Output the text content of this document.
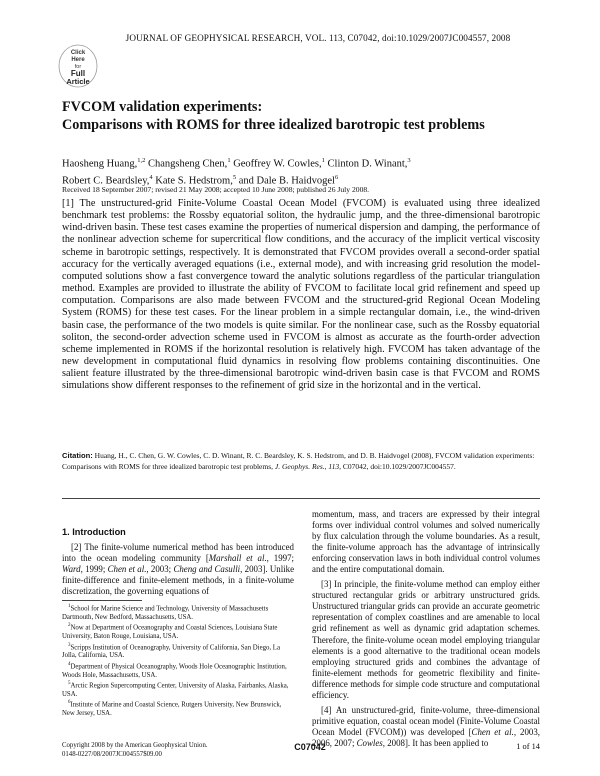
JOURNAL OF GEOPHYSICAL RESEARCH, VOL. 113, C07042, doi:10.1029/2007JC004557, 2008
Click
Here
for
Full
Article
FVCOM validation experiments:
Comparisons with ROMS for three idealized barotropic test problems
Haosheng Huang,$^{1,2}$ Changsheng Chen,$^1$ Geoffrey W. Cowles,$^1$ Clinton D. Winant,$^3$
Robert C. Beardsley,$^4$ Kate S. Hedstrom,$^5$ and Dale B. Haidvogel$^6$
Received 18 September 2007; revised 21 May 2008; accepted 10 June 2008; published 26 July 2008.
[1] The unstructured-grid Finite-Volume Coastal Ocean Model (FVCOM) is evaluated using three idealized benchmark test problems: the Rossby equatorial soliton, the hydraulic jump, and the three-dimensional barotropic wind-driven basin. These test cases examine the properties of numerical dispersion and damping, the performance of the nonlinear advection scheme for supercritical flow conditions, and the accuracy of the implicit vertical viscosity scheme in barotropic settings, respectively. It is demonstrated that FVCOM provides overall a second-order spatial accuracy for the vertically averaged equations (i.e., external mode), and with increasing grid resolution the model-computed solutions show a fast convergence toward the analytic solutions regardless of the particular triangulation method. Examples are provided to illustrate the ability of FVCOM to facilitate local grid refinement and speed up computation. Comparisons are also made between FVCOM and the structured-grid Regional Ocean Modeling System (ROMS) for these test cases. For the linear problem in a simple rectangular domain, i.e., the wind-driven basin case, the performance of the two models is quite similar. For the nonlinear case, such as the Rossby equatorial soliton, the second-order advection scheme used in FVCOM is almost as accurate as the fourth-order advection scheme implemented in ROMS if the horizontal resolution is relatively high. FVCOM has taken advantage of the new development in computational fluid dynamics in resolving flow problems containing discontinuities. One salient feature illustrated by the three-dimensional barotropic wind-driven basin case is that FVCOM and ROMS simulations show different responses to the refinement of grid size in the horizontal and in the vertical.
Citation: Huang, H., C. Chen, G. W. Cowles, C. D. Winant, R. C. Beardsley, K. S. Hedstrom, and D. B. Haidvogel (2008), FVCOM validation experiments: Comparisons with ROMS for three idealized barotropic test problems, J. Geophys. Res., 113, C07042, doi:10.1029/2007JC004557.
1. Introduction

[2] The finite-volume numerical method has been introduced into the ocean modeling community [Marshall et al., 1997; Ward, 1999; Chen et al., 2003; Cheng and Casulli, 2003]. Unlike finite-difference and finite-element methods, in a finite-volume discretization, the governing equations of

$^1$School for Marine Science and Technology, University of Massachusetts Dartmouth, New Bedford, Massachusetts, USA.
$^2$Now at Department of Oceanography and Coastal Sciences, Louisiana State University, Baton Rouge, Louisiana, USA.
$^3$Scripps Institution of Oceanography, University of California, San Diego, La Jolla, California, USA.
$^4$Department of Physical Oceanography, Woods Hole Oceanographic Institution, Woods Hole, Massachusetts, USA.
$^5$Arctic Region Supercomputing Center, University of Alaska, Fairbanks, Alaska, USA.
$^6$Institute of Marine and Coastal Science, Rutgers University, New Brunswick, New Jersey, USA.
Copyright 2008 by the American Geophysical Union.
0148-0227/08/2007JC004557$09.00

momentum, mass, and tracers are expressed by their integral forms over individual control volumes and solved numerically by flux calculation through the volume boundaries. As a result, the finite-volume approach has the advantage of intrinsically enforcing conservation laws in both individual control volumes and the entire computational domain.

[3] In principle, the finite-volume method can employ either structured rectangular grids or arbitrary unstructured grids. Unstructured triangular grids can provide an accurate geometric representation of complex coastlines and are amenable to local grid refinement as well as dynamic grid adaptation schemes. Therefore, the finite-volume ocean model employing triangular elements is a good alternative to the traditional ocean models employing structured grids and combines the advantage of finite-element methods for geometric flexibility and finite-difference methods for simple code structure and computational efficiency.

[4] An unstructured-grid, finite-volume, three-dimensional primitive equation, coastal ocean model (Finite-Volume Coastal Ocean Model (FVCOM)) was developed [Chen et al., 2003, 2006, 2007; Cowles, 2008]. It has been applied to

C07042	1 of 14
